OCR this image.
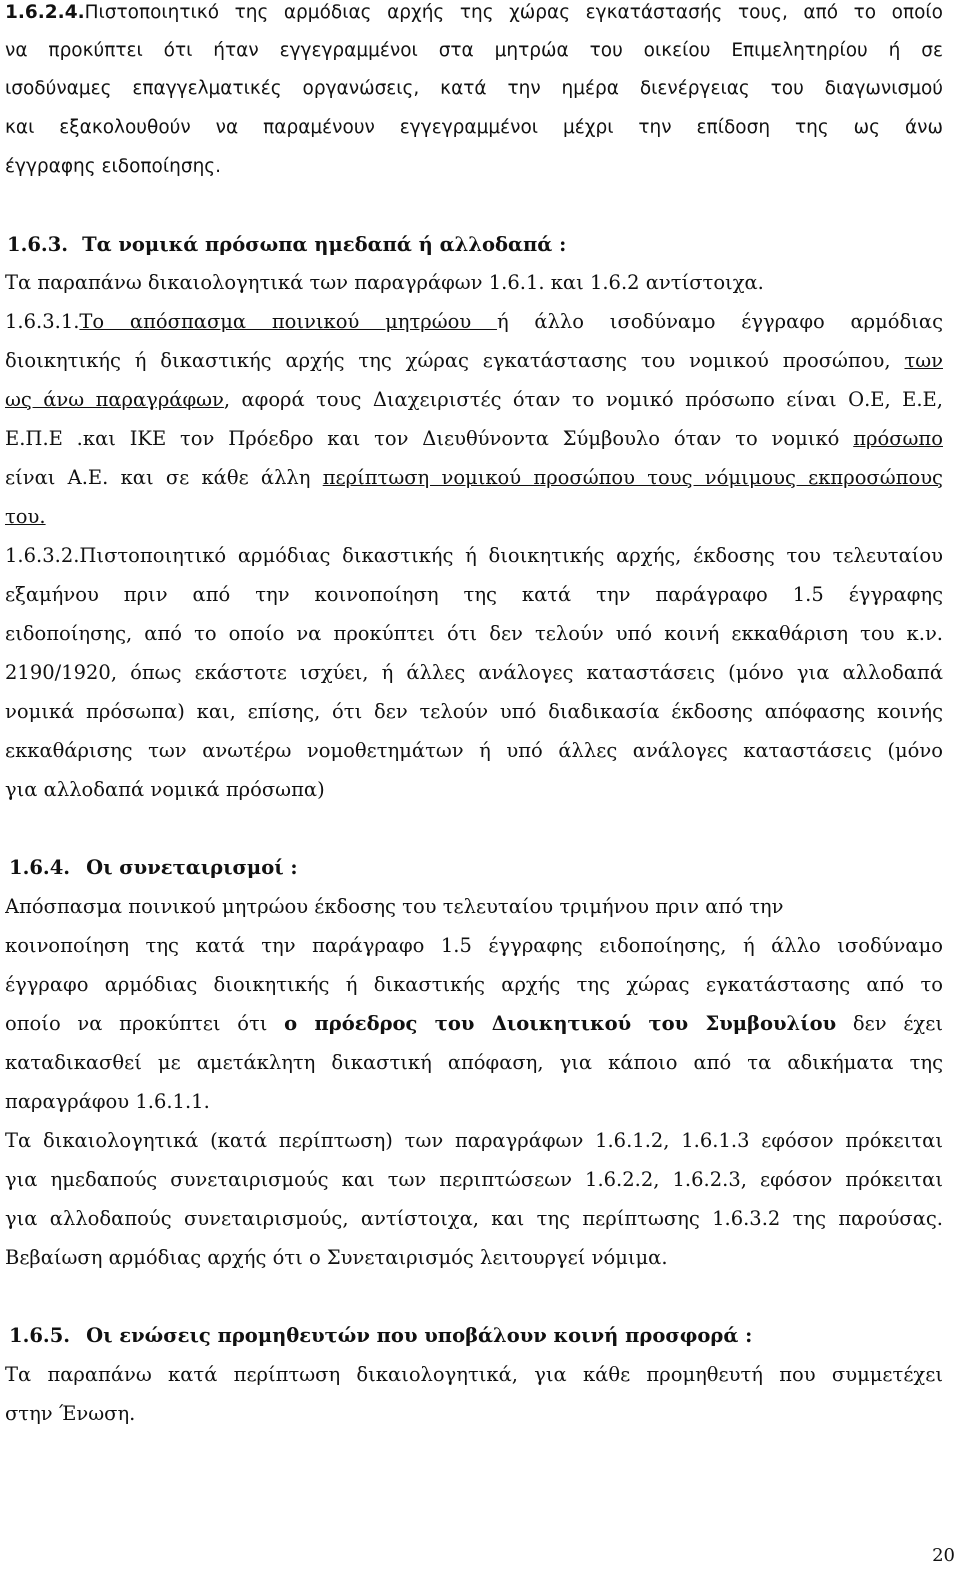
1.6.2.4.Πιστοποιητικό της αρμόδιας αρχής της χώρας εγκατάστασής τους, από το οποίο
να προκύπτει ότι ήταν εγγεγραμμένοι στα μητρώα του οικείου Επιμελητηρίου ή σε
ισοδύναμες επαγγελματικές οργανώσεις, κατά την ημέρα διενέργειας του διαγωνισμού
και εξακολουθούν να παραμένουν εγγεγραμμένοι μέχρι την επίδοση της ως άνω
έγγραφης ειδοποίησης.
1.6.3. Τα νομικά πρόσωπα ημεδαπά ή αλλοδαπά :
Τα παραπάνω δικαιολογητικά των παραγράφων 1.6.1. και 1.6.2 αντίστοιχα.
1.6.3.1.Το απόσπασμα ποινικού μητρώου ή άλλο ισοδύναμο έγγραφο αρμόδιας
διοικητικής ή δικαστικής αρχής της χώρας εγκατάστασης του νομικού προσώπου, των
ως άνω παραγράφων, αφορά τους Διαχειριστές όταν το νομικό πρόσωπο είναι Ο.Ε, Ε.Ε,
Ε.Π.Ε .και ΙΚΕ τον Πρόεδρο και τον Διευθύνοντα Σύμβουλο όταν το νομικό πρόσωπο
είναι Α.Ε. και σε κάθε άλλη περίπτωση νομικού προσώπου τους νόμιμους εκπροσώπους
του.
1.6.3.2.Πιστοποιητικό αρμόδιας δικαστικής ή διοικητικής αρχής, έκδοσης του τελευταίου
εξαμήνου πριν από την κοινοποίηση της κατά την παράγραφο 1.5 έγγραφης
ειδοποίησης, από το οποίο να προκύπτει ότι δεν τελούν υπό κοινή εκκαθάριση του κ.ν.
2190/1920, όπως εκάστοτε ισχύει, ή άλλες ανάλογες καταστάσεις (μόνο για αλλοδαπά
νομικά πρόσωπα) και, επίσης, ότι δεν τελούν υπό διαδικασία έκδοσης απόφασης κοινής
εκκαθάρισης των ανωτέρω νομοθετημάτων ή υπό άλλες ανάλογες καταστάσεις (μόνο
για αλλοδαπά νομικά πρόσωπα)
1.6.4. Οι συνεταιρισμοί :
Απόσπασμα ποινικού μητρώου έκδοσης του τελευταίου τριμήνου πριν από την
κοινοποίηση της κατά την παράγραφο 1.5 έγγραφης ειδοποίησης, ή άλλο ισοδύναμο
έγγραφο αρμόδιας διοικητικής ή δικαστικής αρχής της χώρας εγκατάστασης από το
οποίο να προκύπτει ότι ο πρόεδρος του Διοικητικού του Συμβουλίου δεν έχει
καταδικασθεί με αμετάκλητη δικαστική απόφαση, για κάποιο από τα αδικήματα της
παραγράφου 1.6.1.1.
Τα δικαιολογητικά (κατά περίπτωση) των παραγράφων 1.6.1.2, 1.6.1.3 εφόσον πρόκειται
για ημεδαπούς συνεταιρισμούς και των περιπτώσεων 1.6.2.2, 1.6.2.3, εφόσον πρόκειται
για αλλοδαπούς συνεταιρισμούς, αντίστοιχα, και της περίπτωσης 1.6.3.2 της παρούσας.
Βεβαίωση αρμόδιας αρχής ότι ο Συνεταιρισμός λειτουργεί νόμιμα.
1.6.5. Οι ενώσεις προμηθευτών που υποβάλουν κοινή προσφορά :
Τα παραπάνω κατά περίπτωση δικαιολογητικά, για κάθε προμηθευτή που συμμετέχει
στην Ένωση.
20
